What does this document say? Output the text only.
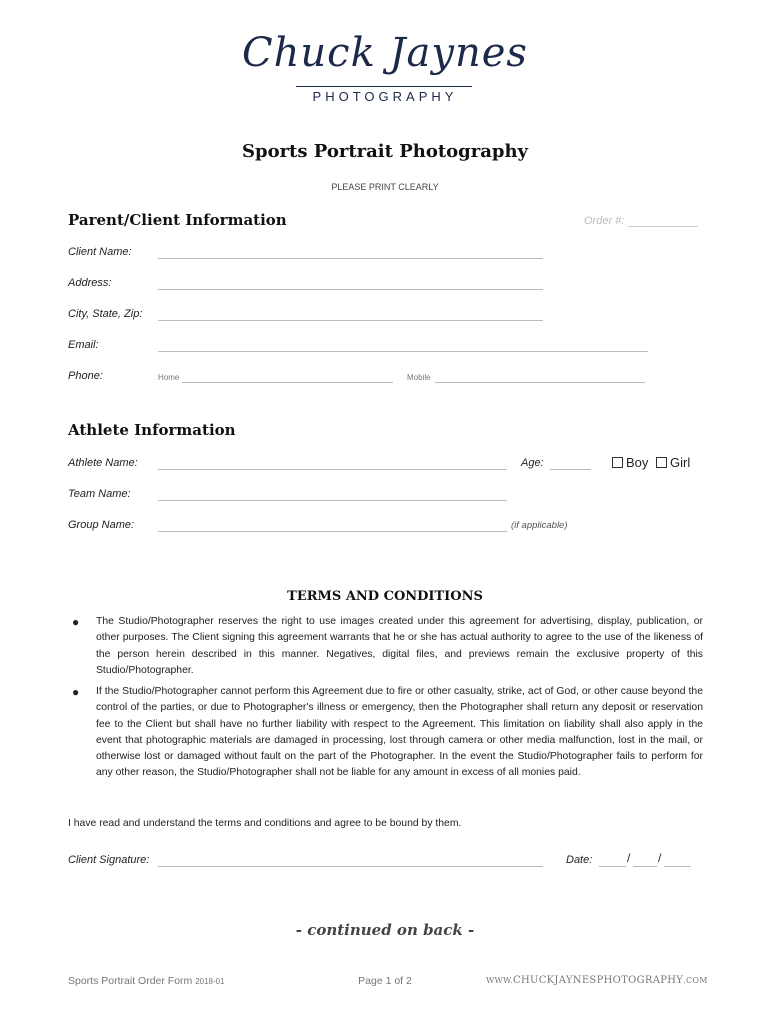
Chuck Jaynes
PHOTOGRAPHY
Sports Portrait Photography
PLEASE PRINT CLEARLY
Parent/Client Information	Order #:
Client Name:
Address:
City, State, Zip:
Email:
Phone:	Home	Mobile
Athlete Information
Athlete Name:	Age:	Boy	Girl
Team Name:
Group Name:	(if applicable)
TERMS AND CONDITIONS
● The Studio/Photographer reserves the right to use images created under this agreement for advertising, display, publication, or other purposes. The Client signing this agreement warrants that he or she has actual authority to agree to the use of the likeness of the person herein described in this manner. Negatives, digital files, and previews remain the exclusive property of this Studio/Photographer.
● If the Studio/Photographer cannot perform this Agreement due to fire or other casualty, strike, act of God, or other cause beyond the control of the parties, or due to Photographer's illness or emergency, then the Photographer shall return any deposit or reservation fee to the Client but shall have no further liability with respect to the Agreement. This limitation on liability shall also apply in the event that photographic materials are damaged in processing, lost through camera or other media malfunction, lost in the mail, or otherwise lost or damaged without fault on the part of the Photographer. In the event the Studio/Photographer fails to perform for any other reason, the Studio/Photographer shall not be liable for any amount in excess of all monies paid.
I have read and understand the terms and conditions and agree to be bound by them.
Client Signature:	Date:	/ /
- continued on back -
Sports Portrait Order Form 2018-01	Page 1 of 2	WWW.CHUCKJAYNESPHOTOGRAPHY.COM
